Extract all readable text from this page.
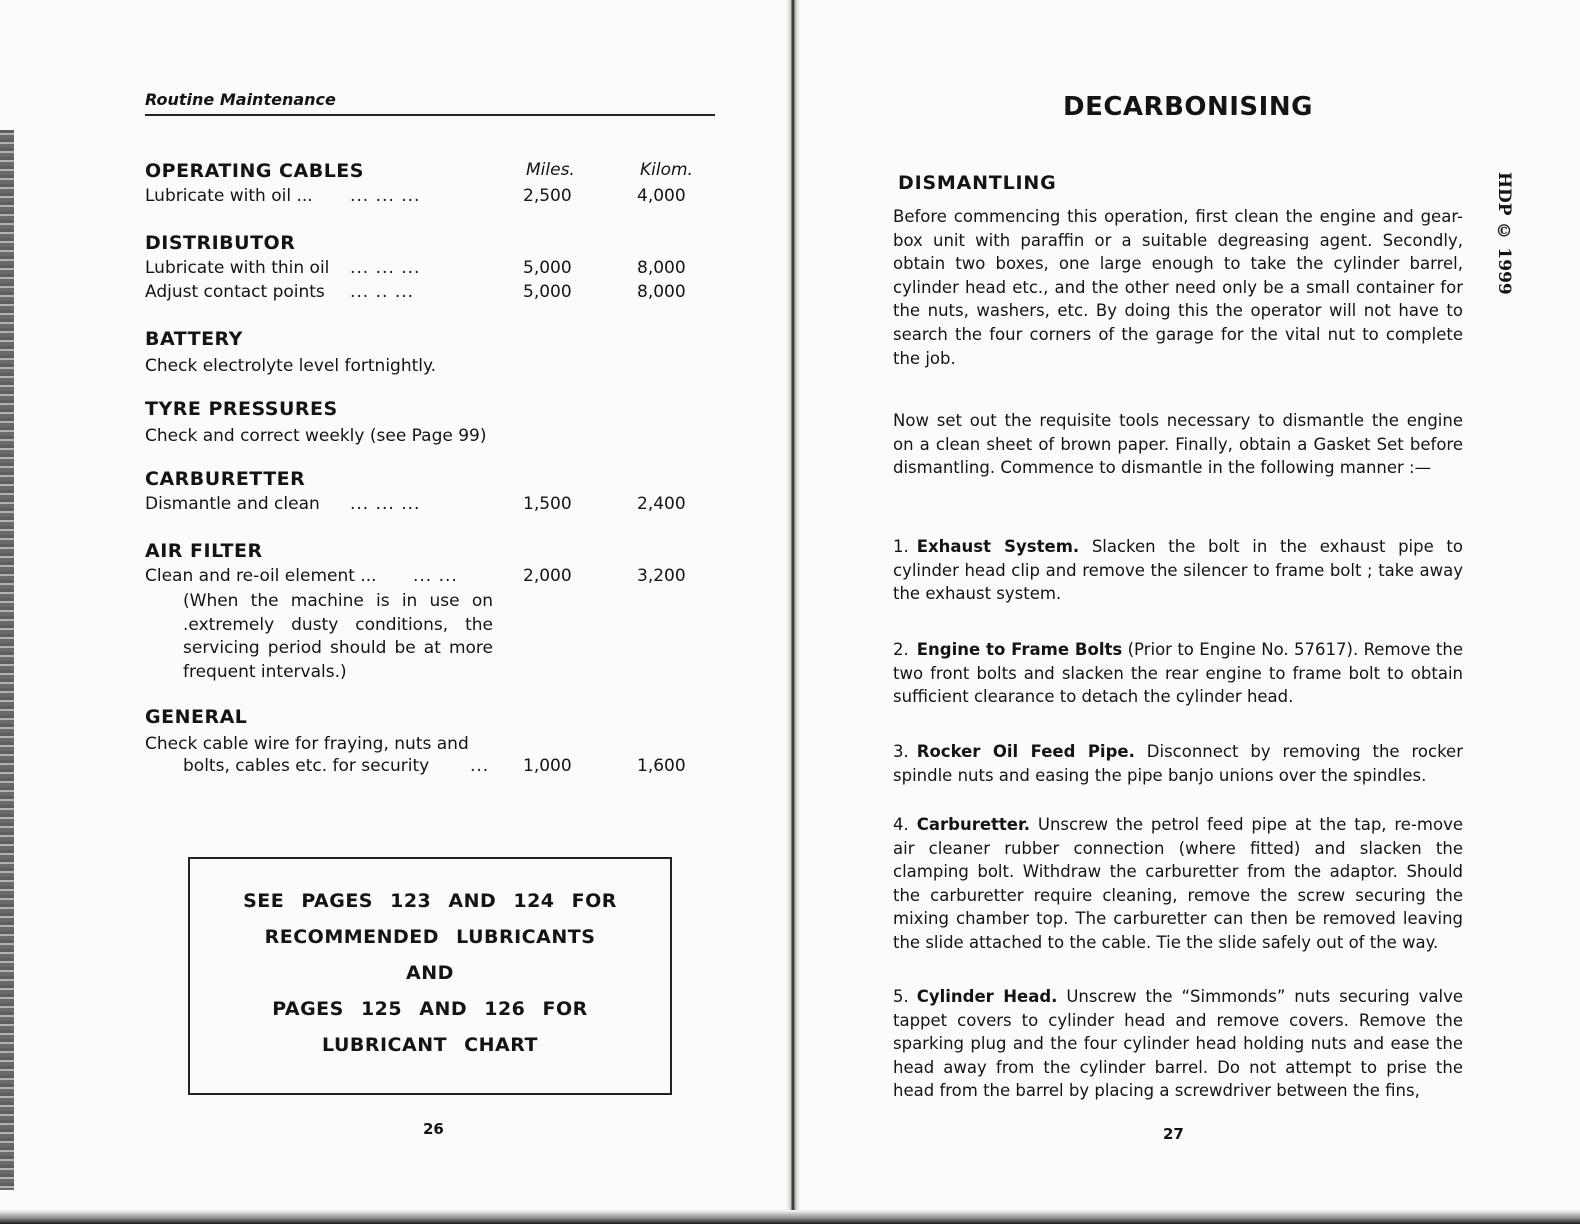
Routine Maintenance
Miles.	Kilom.
OPERATING CABLES
Lubricate with oil ... ... ... ...	2,500	4,000
DISTRIBUTOR
Lubricate with thin oil ... ... ...	5,000	8,000
Adjust contact points ... .. ...	5,000	8,000
BATTERY
Check electrolyte level fortnightly.
TYRE PRESSURES
Check and correct weekly (see Page 99)
CARBURETTER
Dismantle and clean ... ... ...	1,500	2,400
AIR FILTER
Clean and re-oil element ... ... ...	2,000	3,200
(When the machine is in use on .extremely dusty conditions, the servicing period should be at more frequent intervals.)
GENERAL
Check cable wire for fraying, nuts and
bolts, cables etc. for security ...	1,000	1,600
SEE PAGES 123 AND 124 FOR
RECOMMENDED LUBRICANTS
AND
PAGES 125 AND 126 FOR
LUBRICANT CHART
26
DECARBONISING
DISMANTLING	HDP © 1999

Before commencing this operation, first clean the engine and gear-box unit with paraffin or a suitable degreasing agent. Secondly, obtain two boxes, one large enough to take the cylinder barrel, cylinder head etc., and the other need only be a small container for the nuts, washers, etc. By doing this the operator will not have to search the four corners of the garage for the vital nut to complete the job.

Now set out the requisite tools necessary to dismantle the engine on a clean sheet of brown paper. Finally, obtain a Gasket Set before dismantling. Commence to dismantle in the following manner :—

1. Exhaust System. Slacken the bolt in the exhaust pipe to cylinder head clip and remove the silencer to frame bolt ; take away the exhaust system.

2. Engine to Frame Bolts (Prior to Engine No. 57617). Remove the two front bolts and slacken the rear engine to frame bolt to obtain sufficient clearance to detach the cylinder head.

3. Rocker Oil Feed Pipe. Disconnect by removing the rocker spindle nuts and easing the pipe banjo unions over the spindles.

4. Carburetter. Unscrew the petrol feed pipe at the tap, re-move air cleaner rubber connection (where fitted) and slacken the clamping bolt. Withdraw the carburetter from the adaptor. Should the carburetter require cleaning, remove the screw securing the mixing chamber top. The carburetter can then be removed leaving the slide attached to the cable. Tie the slide safely out of the way.

5. Cylinder Head. Unscrew the “Simmonds” nuts securing valve tappet covers to cylinder head and remove covers. Remove the sparking plug and the four cylinder head holding nuts and ease the head away from the cylinder barrel. Do not attempt to prise the head from the barrel by placing a screwdriver between the fins,

27
